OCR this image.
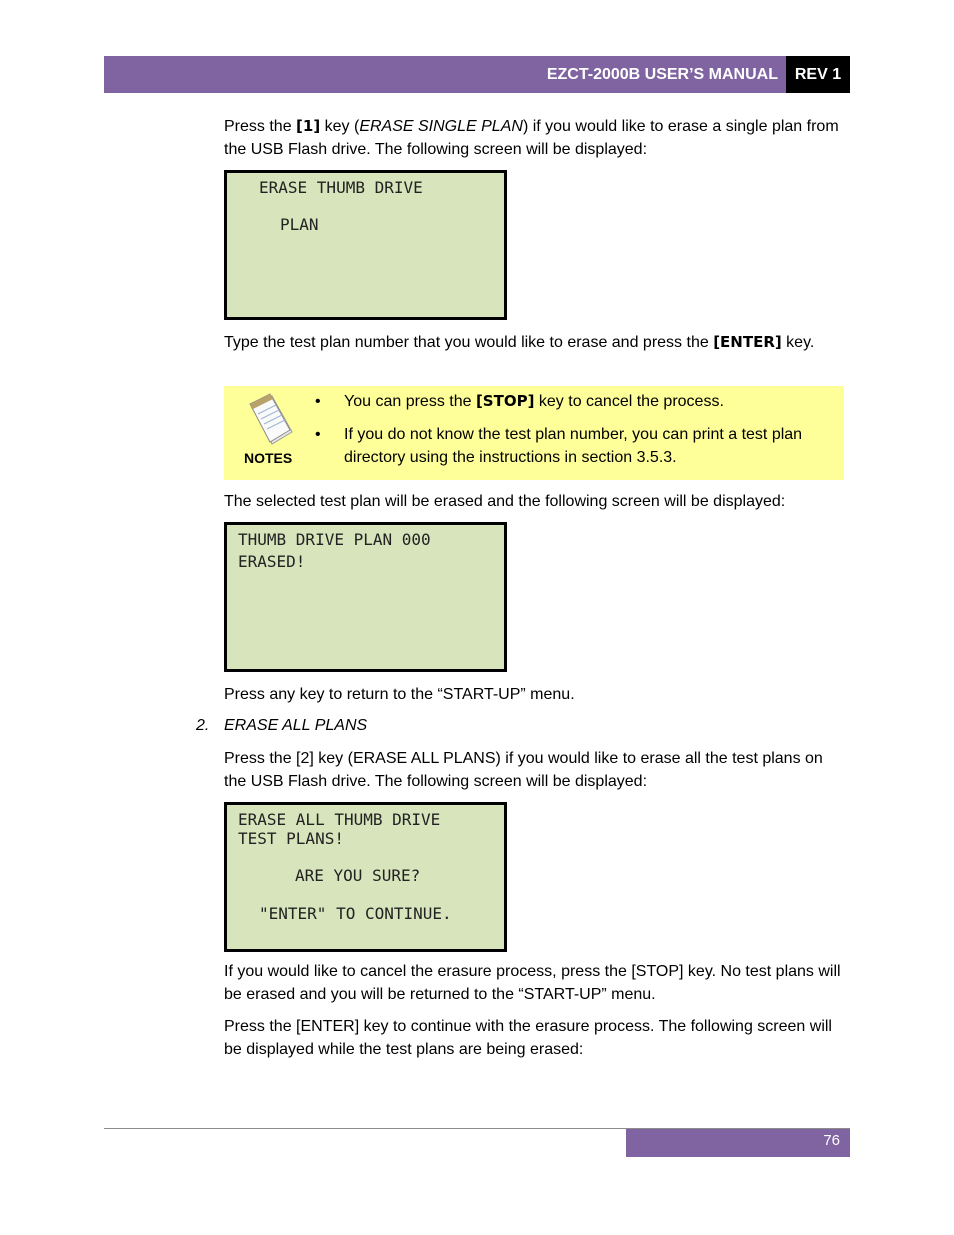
EZCT-2000B USER’S MANUAL	REV 1

Press the [1] key (ERASE SINGLE PLAN) if you would like to erase a single plan from the USB Flash drive. The following screen will be displayed:

ERASE THUMB DRIVE
PLAN

Type the test plan number that you would like to erase and press the [ENTER] key.

NOTES
• You can press the [STOP] key to cancel the process.
• If you do not know the test plan number, you can print a test plan directory using the instructions in section 3.5.3.

The selected test plan will be erased and the following screen will be displayed:

THUMB DRIVE PLAN 000
ERASED!

Press any key to return to the “START-UP” menu.

2. ERASE ALL PLANS

Press the [2] key (ERASE ALL PLANS) if you would like to erase all the test plans on the USB Flash drive. The following screen will be displayed:

ERASE ALL THUMB DRIVE
TEST PLANS!
ARE YOU SURE?
"ENTER" TO CONTINUE.

If you would like to cancel the erasure process, press the [STOP] key. No test plans will be erased and you will be returned to the “START-UP” menu.

Press the [ENTER] key to continue with the erasure process. The following screen will be displayed while the test plans are being erased:

76
